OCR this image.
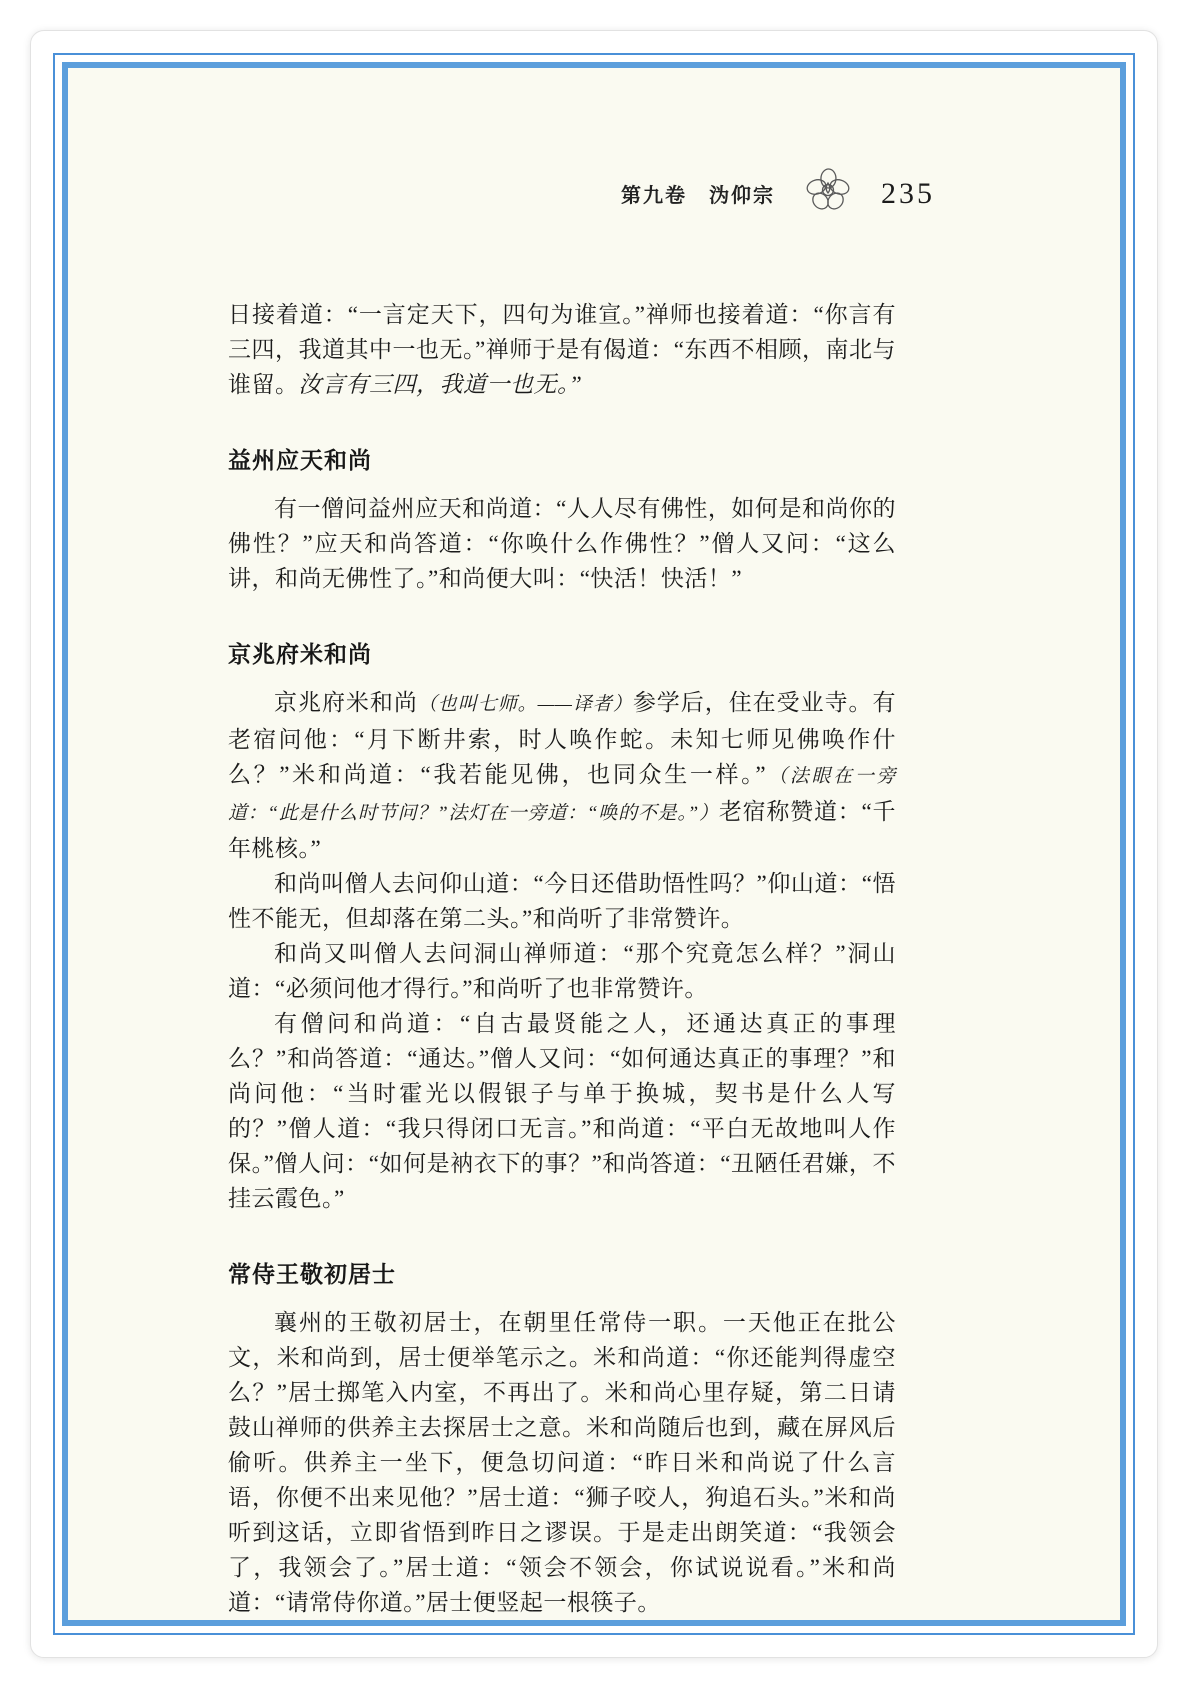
第九卷 沩仰宗	235

日接着道：“一言定天下，四句为谁宣。”禅师也接着道：“你言有三四，我道其中一也无。”禅师于是有偈道：“东西不相顾，南北与谁留。汝言有三四，我道一也无。”

益州应天和尚

有一僧问益州应天和尚道：“人人尽有佛性，如何是和尚你的佛性？”应天和尚答道：“你唤什么作佛性？”僧人又问：“这么讲，和尚无佛性了。”和尚便大叫：“快活！快活！”

京兆府米和尚

京兆府米和尚（也叫七师。——译者）参学后，住在受业寺。有老宿问他：“月下断井索，时人唤作蛇。未知七师见佛唤作什么？”米和尚道：“我若能见佛，也同众生一样。”（法眼在一旁道：“此是什么时节问？”法灯在一旁道：“唤的不是。”）老宿称赞道：“千年桃核。”

和尚叫僧人去问仰山道：“今日还借助悟性吗？”仰山道：“悟性不能无，但却落在第二头。”和尚听了非常赞许。

和尚又叫僧人去问洞山禅师道：“那个究竟怎么样？”洞山道：“必须问他才得行。”和尚听了也非常赞许。

有僧问和尚道：“自古最贤能之人，还通达真正的事理么？”和尚答道：“通达。”僧人又问：“如何通达真正的事理？”和尚问他：“当时霍光以假银子与单于换城，契书是什么人写的？”僧人道：“我只得闭口无言。”和尚道：“平白无故地叫人作保。”僧人问：“如何是衲衣下的事？”和尚答道：“丑陋任君嫌，不挂云霞色。”

常侍王敬初居士

襄州的王敬初居士，在朝里任常侍一职。一天他正在批公文，米和尚到，居士便举笔示之。米和尚道：“你还能判得虚空么？”居士掷笔入内室，不再出了。米和尚心里存疑，第二日请鼓山禅师的供养主去探居士之意。米和尚随后也到，藏在屏风后偷听。供养主一坐下，便急切问道：“昨日米和尚说了什么言语，你便不出来见他？”居士道：“狮子咬人，狗追石头。”米和尚听到这话，立即省悟到昨日之谬误。于是走出朗笑道：“我领会了，我领会了。”居士道：“领会不领会，你试说说看。”米和尚道：“请常侍你道。”居士便竖起一根筷子。
